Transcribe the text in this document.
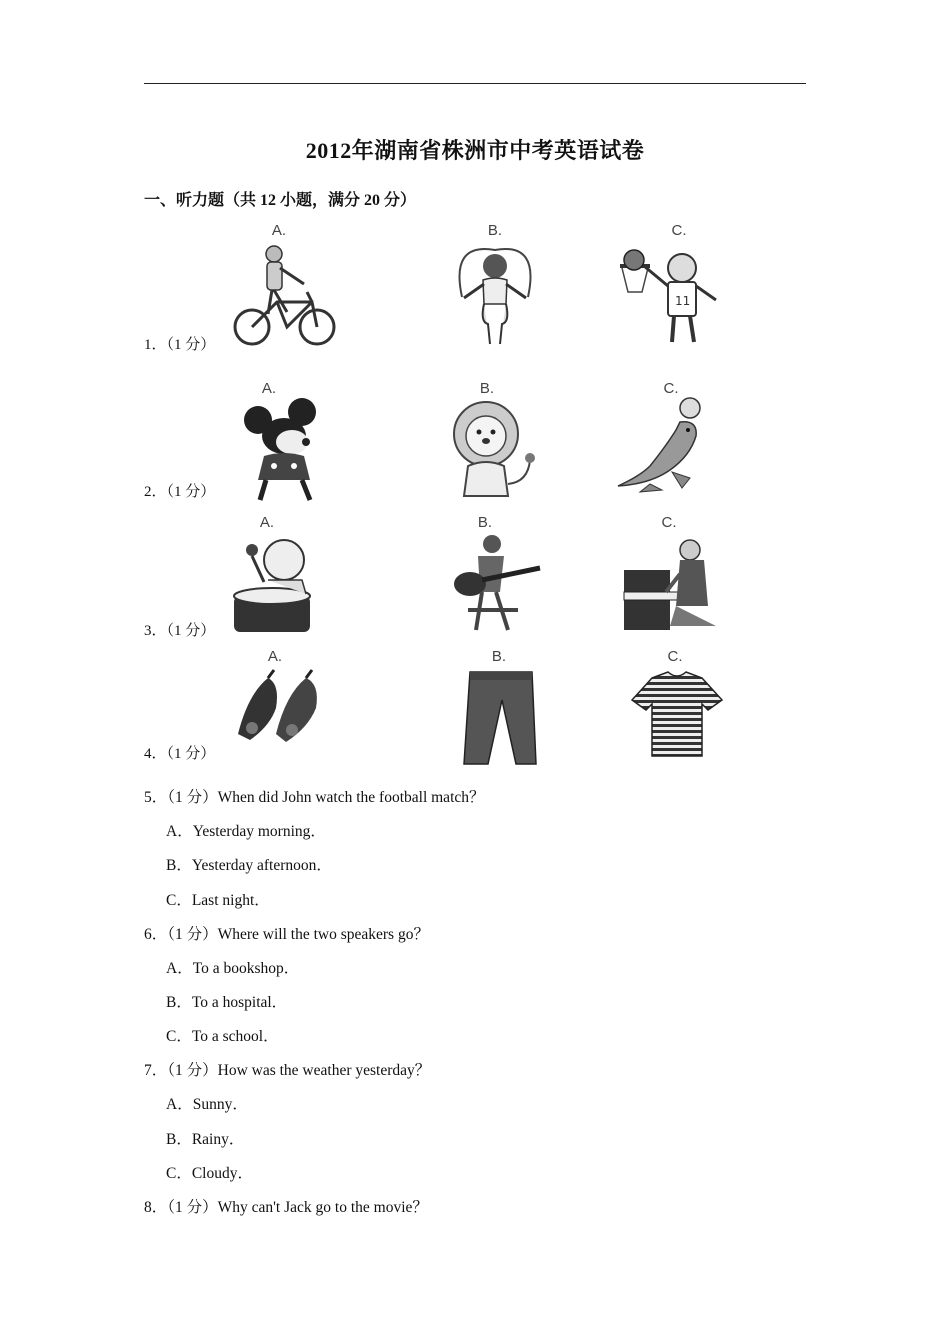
2012年湖南省株洲市中考英语试卷
一、听力题（共 12 小题，满分 20 分）
A.	B.	C.
11
1．（1 分）
A.	B.	C.
2．（1 分）
A.	B.	C.
3．（1 分）
A.	B.	C.
4．（1 分）
5．（1 分）When did John watch the football match？
A．Yesterday morning．
B．Yesterday afternoon．
C．Last night．
6．（1 分）Where will the two speakers go？
A．To a bookshop．
B．To a hospital．
C．To a school．
7．（1 分）How was the weather yesterday？
A．Sunny．
B．Rainy．
C．Cloudy．
8．（1 分）Why can't Jack go to the movie？
